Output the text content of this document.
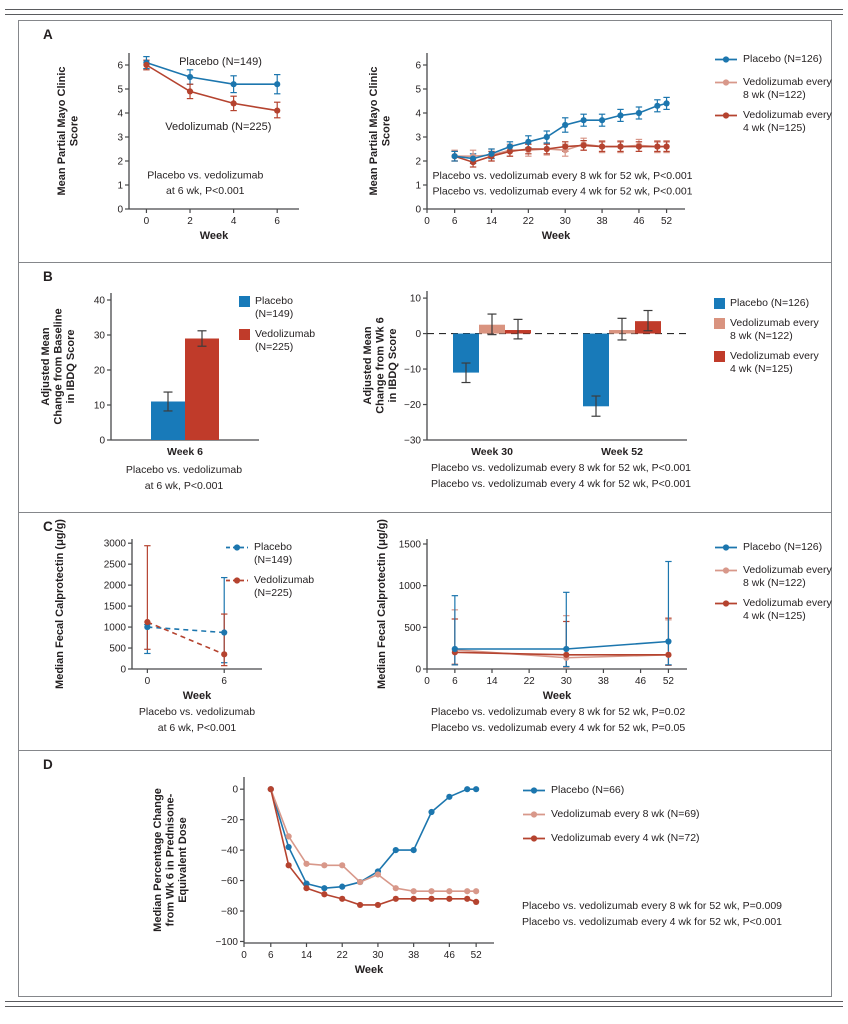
A
0
1
2
3
4
5
6
Mean Partial Mayo Clinic Score
0	2	4	6
Week
Placebo (N=149)
Vedolizumab (N=225)
Placebo vs. vedolizumab
at 6 wk, P<0.001
0
1
2
3
4
5
6
Mean Partial Mayo Clinic Score
0 6	14	22	30	38	46 52
Week
Placebo vs. vedolizumab every 8 wk for 52 wk, P<0.001
Placebo vs. vedolizumab every 4 wk for 52 wk, P<0.001
Placebo (N=126)
Vedolizumab every
8 wk (N=122)
Vedolizumab every
4 wk (N=125)
B
0
10
20
30
40
Adjusted Mean Change from Baseline in IBDQ Score
Week 6
Placebo
(N=149)
Vedolizumab
(N=225)
Placebo vs. vedolizumab
at 6 wk, P<0.001
10
0
−10
−20
−30
Adjusted Mean Change from Wk 6 in IBDQ Score
Week 30	Week 52
Placebo vs. vedolizumab every 8 wk for 52 wk, P<0.001
Placebo vs. vedolizumab every 4 wk for 52 wk, P<0.001
Placebo (N=126)
Vedolizumab every
8 wk (N=122)
Vedolizumab every
4 wk (N=125)
C
0
500
1000
1500
2000
2500
3000
Median Fecal Calprotectin (μg/g)	0	6
Week
Placebo
(N=149)
Vedolizumab
(N=225)
Placebo vs. vedolizumab
at 6 wk, P<0.001
0
500
1000
1500
Median Fecal Calprotectin (μg/g)	0 6	14	22	30	38	46 52
Week
Placebo vs. vedolizumab every 8 wk for 52 wk, P=0.02
Placebo vs. vedolizumab every 4 wk for 52 wk, P=0.05
Placebo (N=126)
Vedolizumab every
8 wk (N=122)
Vedolizumab every
4 wk (N=125)
D
0
−20
−40
−60
−80
−100
Median Percentage Change from Wk 6 in Prednisone- Equivalent Dose
0 6	14 22 30 38 46 52
Week
Placebo (N=66)
Vedolizumab every 8 wk (N=69)
Vedolizumab every 4 wk (N=72)
Placebo vs. vedolizumab every 8 wk for 52 wk, P=0.009
Placebo vs. vedolizumab every 4 wk for 52 wk, P<0.001
